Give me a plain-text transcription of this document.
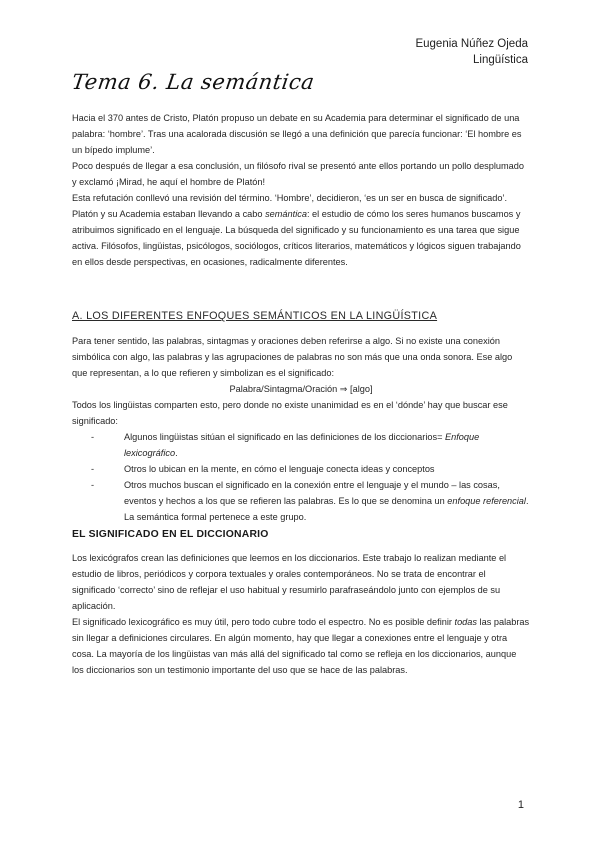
Eugenia Núñez Ojeda
Lingüística
Tema 6. La semántica

Hacia el 370 antes de Cristo, Platón propuso un debate en su Academia para determinar el significado de una palabra: ‘hombre’. Tras una acalorada discusión se llegó a una definición que parecía funcionar: ‘El hombre es un bípedo implume’.

Poco después de llegar a esa conclusión, un filósofo rival se presentó ante ellos portando un pollo desplumado y exclamó ¡Mirad, he aquí el hombre de Platón!

Esta refutación conllevó una revisión del término. ‘Hombre’, decidieron, ‘es un ser en busca de significado’.

Platón y su Academia estaban llevando a cabo semántica: el estudio de cómo los seres humanos buscamos y atribuimos significado en el lenguaje. La búsqueda del significado y su funcionamiento es una tarea que sigue activa. Filósofos, lingüistas, psicólogos, sociólogos, críticos literarios, matemáticos y lógicos siguen trabajando en ellos desde perspectivas, en ocasiones, radicalmente diferentes.

A. LOS DIFERENTES ENFOQUES SEMÁNTICOS EN LA LINGÜÍSTICA

Para tener sentido, las palabras, sintagmas y oraciones deben referirse a algo. Si no existe una conexión simbólica con algo, las palabras y las agrupaciones de palabras no son más que una onda sonora. Ese algo que representan, a lo que refieren y simbolizan es el significado:

Palabra/Sintagma/Oración ⇒ [algo]

Todos los lingüistas comparten esto, pero donde no existe unanimidad es en el ‘dónde’ hay que buscar ese significado:

- Algunos lingüistas sitúan el significado en las definiciones de los diccionarios= Enfoque lexicográfico.
- Otros lo ubican en la mente, en cómo el lenguaje conecta ideas y conceptos
- Otros muchos buscan el significado en la conexión entre el lenguaje y el mundo – las cosas, eventos y hechos a los que se refieren las palabras. Es lo que se denomina un enfoque referencial. La semántica formal pertenece a este grupo.

EL SIGNIFICADO EN EL DICCIONARIO

Los lexicógrafos crean las definiciones que leemos en los diccionarios. Este trabajo lo realizan mediante el estudio de libros, periódicos y corpora textuales y orales contemporáneos. No se trata de encontrar el significado ‘correcto’ sino de reflejar el uso habitual y resumirlo parafraseándolo junto con ejemplos de su aplicación.

El significado lexicográfico es muy útil, pero todo cubre todo el espectro. No es posible definir todas las palabras sin llegar a definiciones circulares. En algún momento, hay que llegar a conexiones entre el lenguaje y otra cosa. La mayoría de los lingüistas van más allá del significado tal como se refleja en los diccionarios, aunque los diccionarios son un testimonio importante del uso que se hace de las palabras.

1
